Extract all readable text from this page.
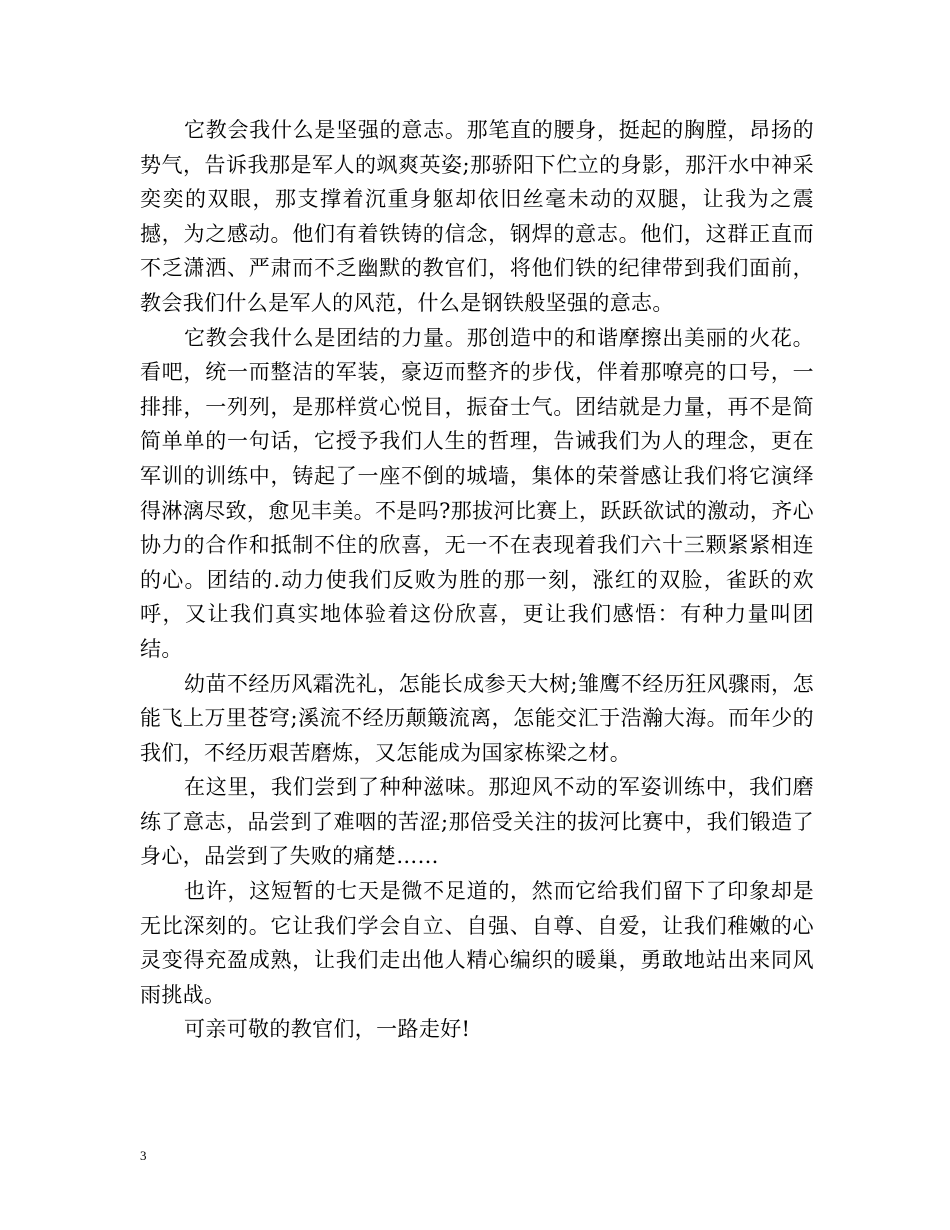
它教会我什么是坚强的意志。那笔直的腰身，挺起的胸膛，昂扬的势气，告诉我那是军人的飒爽英姿;那骄阳下伫立的身影，那汗水中神采奕奕的双眼，那支撑着沉重身躯却依旧丝毫未动的双腿，让我为之震撼，为之感动。他们有着铁铸的信念，钢焊的意志。他们，这群正直而不乏潇洒、严肃而不乏幽默的教官们，将他们铁的纪律带到我们面前，教会我们什么是军人的风范，什么是钢铁般坚强的意志。

它教会我什么是团结的力量。那创造中的和谐摩擦出美丽的火花。看吧，统一而整洁的军装，豪迈而整齐的步伐，伴着那嘹亮的口号，一排排，一列列，是那样赏心悦目，振奋士气。团结就是力量，再不是简简单单的一句话，它授予我们人生的哲理，告诫我们为人的理念，更在军训的训练中，铸起了一座不倒的城墙，集体的荣誉感让我们将它演绎得淋漓尽致，愈见丰美。不是吗?那拔河比赛上，跃跃欲试的激动，齐心协力的合作和抵制不住的欣喜，无一不在表现着我们六十三颗紧紧相连的心。团结的.动力使我们反败为胜的那一刻，涨红的双脸，雀跃的欢呼，又让我们真实地体验着这份欣喜，更让我们感悟：有种力量叫团结。

幼苗不经历风霜洗礼，怎能长成参天大树;雏鹰不经历狂风骤雨，怎能飞上万里苍穹;溪流不经历颠簸流离，怎能交汇于浩瀚大海。而年少的我们，不经历艰苦磨炼，又怎能成为国家栋梁之材。

在这里，我们尝到了种种滋味。那迎风不动的军姿训练中，我们磨练了意志，品尝到了难咽的苦涩;那倍受关注的拔河比赛中，我们锻造了身心，品尝到了失败的痛楚……

也许，这短暂的七天是微不足道的，然而它给我们留下了印象却是无比深刻的。它让我们学会自立、自强、自尊、自爱，让我们稚嫩的心灵变得充盈成熟，让我们走出他人精心编织的暖巢，勇敢地站出来同风雨挑战。

可亲可敬的教官们，一路走好!

3
